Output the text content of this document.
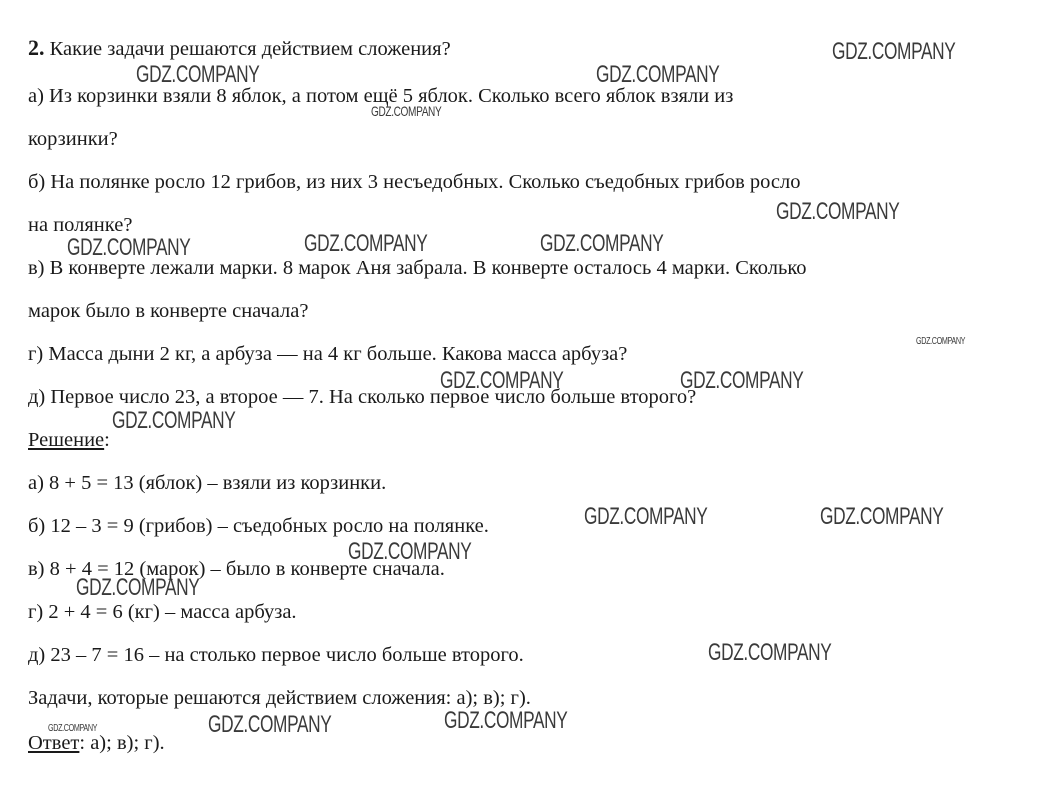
2. Какие задачи решаются действием сложения?
а) Из корзинки взяли 8 яблок, а потом ещё 5 яблок. Сколько всего яблок взяли из
корзинки?
б) На полянке росло 12 грибов, из них 3 несъедобных. Сколько съедобных грибов росло
на полянке?
в) В конверте лежали марки. 8 марок Аня забрала. В конверте осталось 4 марки. Сколько
марок было в конверте сначала?
г) Масса дыни 2 кг, а арбуза — на 4 кг больше. Какова масса арбуза?
д) Первое число 23, а второе — 7. На сколько первое число больше второго?
Решение:
а) 8 + 5 = 13 (яблок) – взяли из корзинки.
б) 12 – 3 = 9 (грибов) – съедобных росло на полянке.
в) 8 + 4 = 12 (марок) – было в конверте сначала.
г) 2 + 4 = 6 (кг) – масса арбуза.
д) 23 – 7 = 16 – на столько первое число больше второго.
Задачи, которые решаются действием сложения: а); в); г).
Ответ: а); в); г).
GDZ.COMPANY
GDZ.COMPANY	GDZ.COMPANY
GDZ.COMPANY
GDZ.COMPANY
GDZ.COMPANY	GDZ.COMPANY	GDZ.COMPANY
GDZ.COMPANY
GDZ.COMPANY	GDZ.COMPANY
GDZ.COMPANY
GDZ.COMPANY	GDZ.COMPANY
GDZ.COMPANY
GDZ.COMPANY
GDZ.COMPANY
GDZ.COMPANY
GDZ.COMPANY
GDZ.COMPANY
